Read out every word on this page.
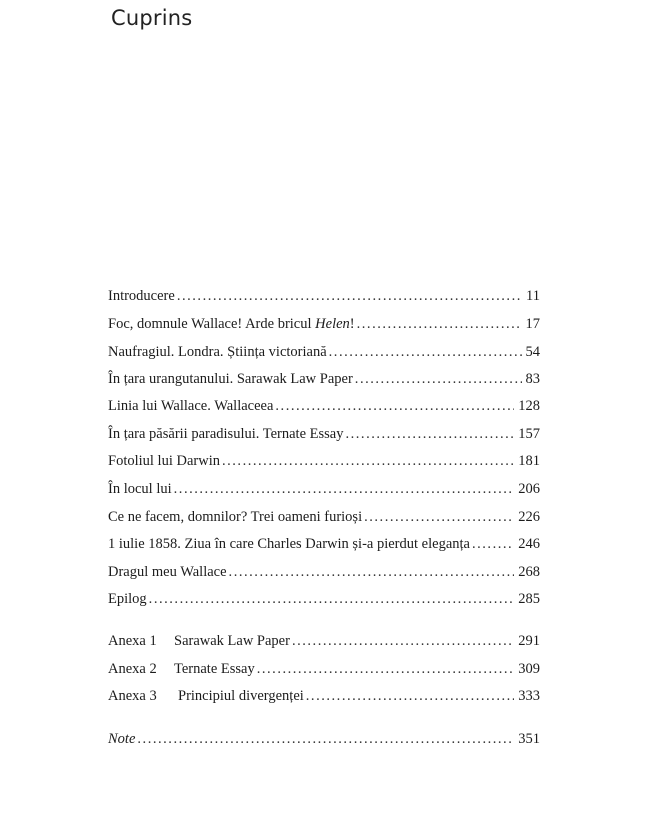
Cuprins
Introducere . . .	11
Foc, domnule Wallace! Arde bricul Helen! . . .	17
Naufragiul. Londra. Știința victoriană . . .	54
În țara urangutanului. Sarawak Law Paper . . .	83
Linia lui Wallace. Wallaceea . . .	128
În țara păsării paradisului. Ternate Essay . . .	157
Fotoliul lui Darwin . . .	181
În locul lui . . .	206
Ce ne facem, domnilor? Trei oameni furioși . . .	226
1 iulie 1858. Ziua în care Charles Darwin și-a pierdut eleganța . . .	246
Dragul meu Wallace . . .	268
Epilog . . .	285
Anexa 1	Sarawak Law Paper . . .	291
Anexa 2	Ternate Essay . . .	309
Anexa 3	Principiul divergenței . . .	333
Note . . .	351
